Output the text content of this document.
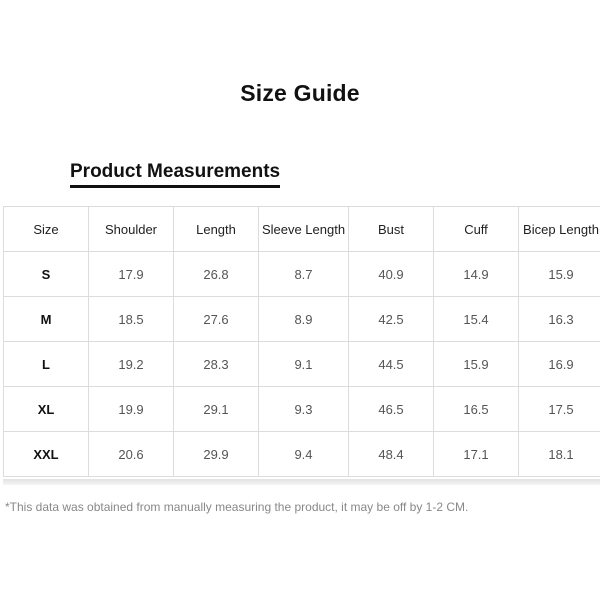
Size Guide
Product Measurements
Size	Shoulder	Length	Sleeve Length	Bust	Cuff	Bicep Length
S	17.9	26.8	8.7	40.9	14.9	15.9
M	18.5	27.6	8.9	42.5	15.4	16.3
L	19.2	28.3	9.1	44.5	15.9	16.9
XL	19.9	29.1	9.3	46.5	16.5	17.5
XXL	20.6	29.9	9.4	48.4	17.1	18.1
*This data was obtained from manually measuring the product, it may be off by 1-2 CM.
